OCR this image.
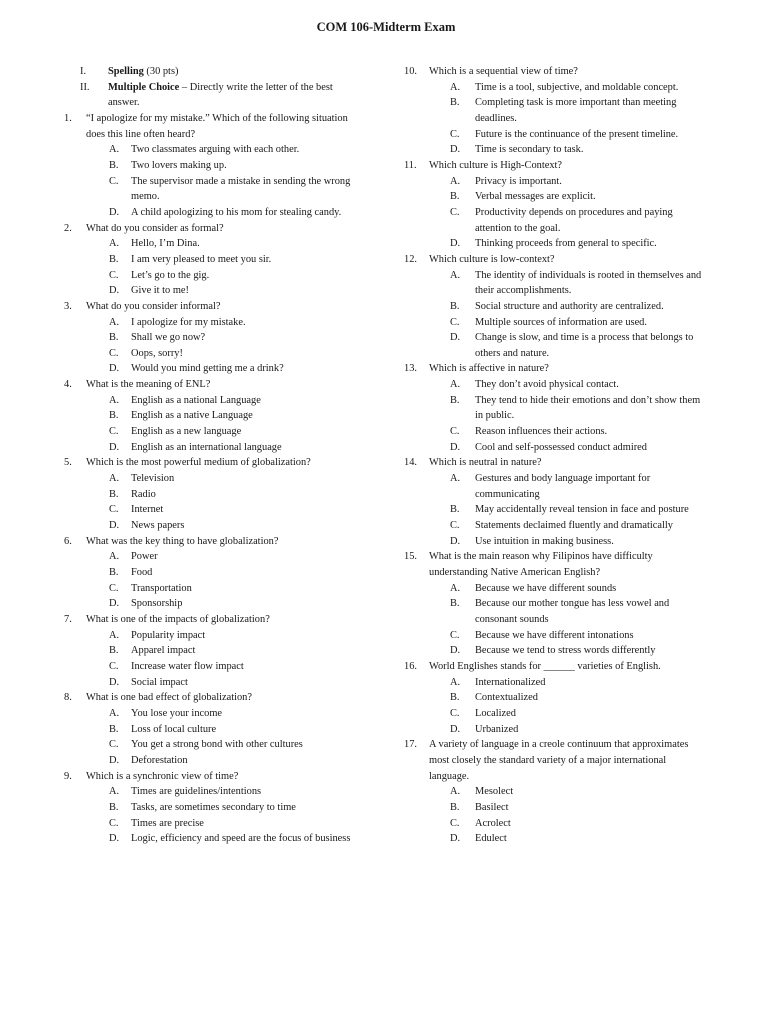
COM 106-Midterm Exam
I.	Spelling (30 pts)
II.	Multiple Choice – Directly write the letter of the best answer.
1.	“I apologize for my mistake.” Which of the following situation does this line often heard?
A.	Two classmates arguing with each other.
B.	Two lovers making up.
C.	The supervisor made a mistake in sending the wrong memo.
D.	A child apologizing to his mom for stealing candy.
2.	What do you consider as formal?
A.	Hello, I’m Dina.
B.	I am very pleased to meet you sir.
C.	Let’s go to the gig.
D.	Give it to me!
3.	What do you consider informal?
A.	I apologize for my mistake.
B.	Shall we go now?
C.	Oops, sorry!
D.	Would you mind getting me a drink?
4.	What is the meaning of ENL?
A.	English as a national Language
B.	English as a native Language
C.	English as a new language
D.	English as an international language
5.	Which is the most powerful medium of globalization?
A.	Television
B.	Radio
C.	Internet
D.	News papers
6.	What was the key thing to have globalization?
A.	Power
B.	Food
C.	Transportation
D.	Sponsorship
7.	What is one of the impacts of globalization?
A.	Popularity impact
B.	Apparel impact
C.	Increase water flow impact
D.	Social impact
8.	What is one bad effect of globalization?
A.	You lose your income
B.	Loss of local culture
C.	You get a strong bond with other cultures
D.	Deforestation
9.	Which is a synchronic view of time?
A.	Times are guidelines/intentions
B.	Tasks, are sometimes secondary to time
C.	Times are precise
D.	Logic, efficiency and speed are the focus of business
10.	Which is a sequential view of time?
A.	Time is a tool, subjective, and moldable concept.
B.	Completing task is more important than meeting deadlines.
C.	Future is the continuance of the present timeline.
D.	Time is secondary to task.
11.	Which culture is High-Context?
A.	Privacy is important.
B.	Verbal messages are explicit.
C.	Productivity depends on procedures and paying attention to the goal.
D.	Thinking proceeds from general to specific.
12.	Which culture is low-context?
A.	The identity of individuals is rooted in themselves and their accomplishments.
B.	Social structure and authority are centralized.
C.	Multiple sources of information are used.
D.	Change is slow, and time is a process that belongs to others and nature.
13.	Which is affective in nature?
A.	They don’t avoid physical contact.
B.	They tend to hide their emotions and don’t show them in public.
C.	Reason influences their actions.
D.	Cool and self-possessed conduct admired
14.	Which is neutral in nature?
A.	Gestures and body language important for communicating
B.	May accidentally reveal tension in face and posture
C.	Statements declaimed fluently and dramatically
D.	Use intuition in making business.
15.	What is the main reason why Filipinos have difficulty understanding Native American English?
A.	Because we have different sounds
B.	Because our mother tongue has less vowel and consonant sounds
C.	Because we have different intonations
D.	Because we tend to stress words differently
16.	World Englishes stands for ______ varieties of English.
A.	Internationalized
B.	Contextualized
C.	Localized
D.	Urbanized
17.	A variety of language in a creole continuum that approximates most closely the standard variety of a major international language.
A.	Mesolect
B.	Basilect
C.	Acrolect
D.	Edulect
